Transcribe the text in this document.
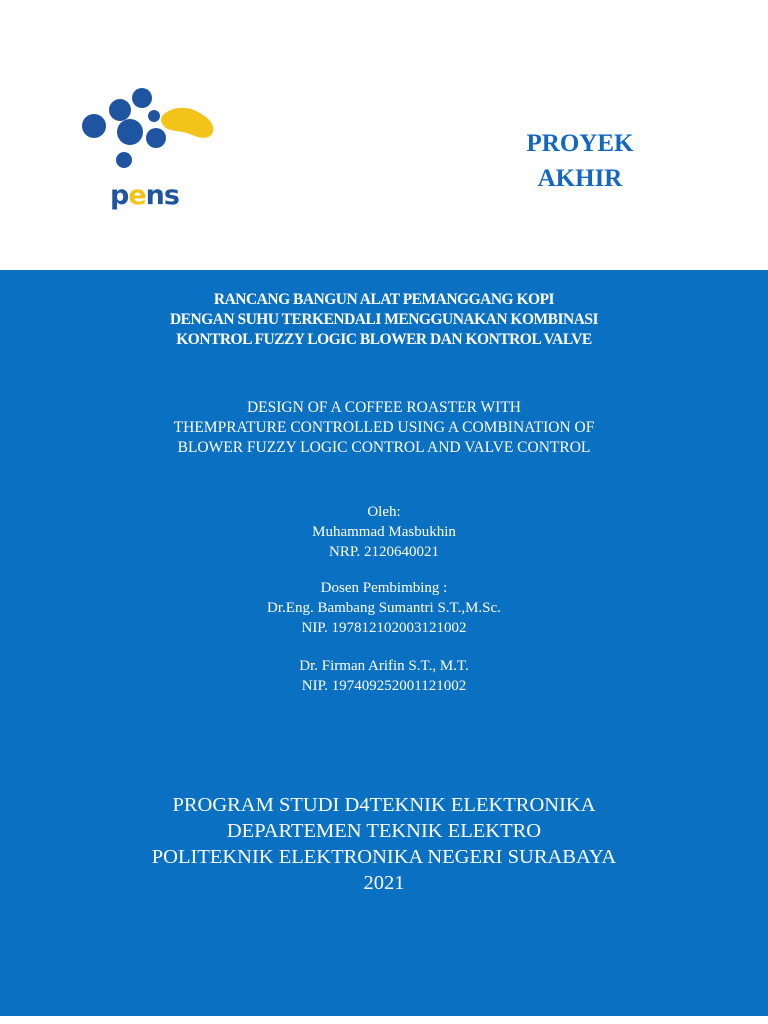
pens
PROYEK
AKHIR
RANCANG BANGUN ALAT PEMANGGANG KOPI
DENGAN SUHU TERKENDALI MENGGUNAKAN KOMBINASI
KONTROL FUZZY LOGIC BLOWER DAN KONTROL VALVE
DESIGN OF A COFFEE ROASTER WITH
THEMPRATURE CONTROLLED USING A COMBINATION OF
BLOWER FUZZY LOGIC CONTROL AND VALVE CONTROL
Oleh:
Muhammad Masbukhin
NRP. 2120640021
Dosen Pembimbing :
Dr.Eng. Bambang Sumantri S.T.,M.Sc.
NIP. 197812102003121002
Dr. Firman Arifin S.T., M.T.
NIP. 197409252001121002
PROGRAM STUDI D4TEKNIK ELEKTRONIKA
DEPARTEMEN TEKNIK ELEKTRO
POLITEKNIK ELEKTRONIKA NEGERI SURABAYA
2021
